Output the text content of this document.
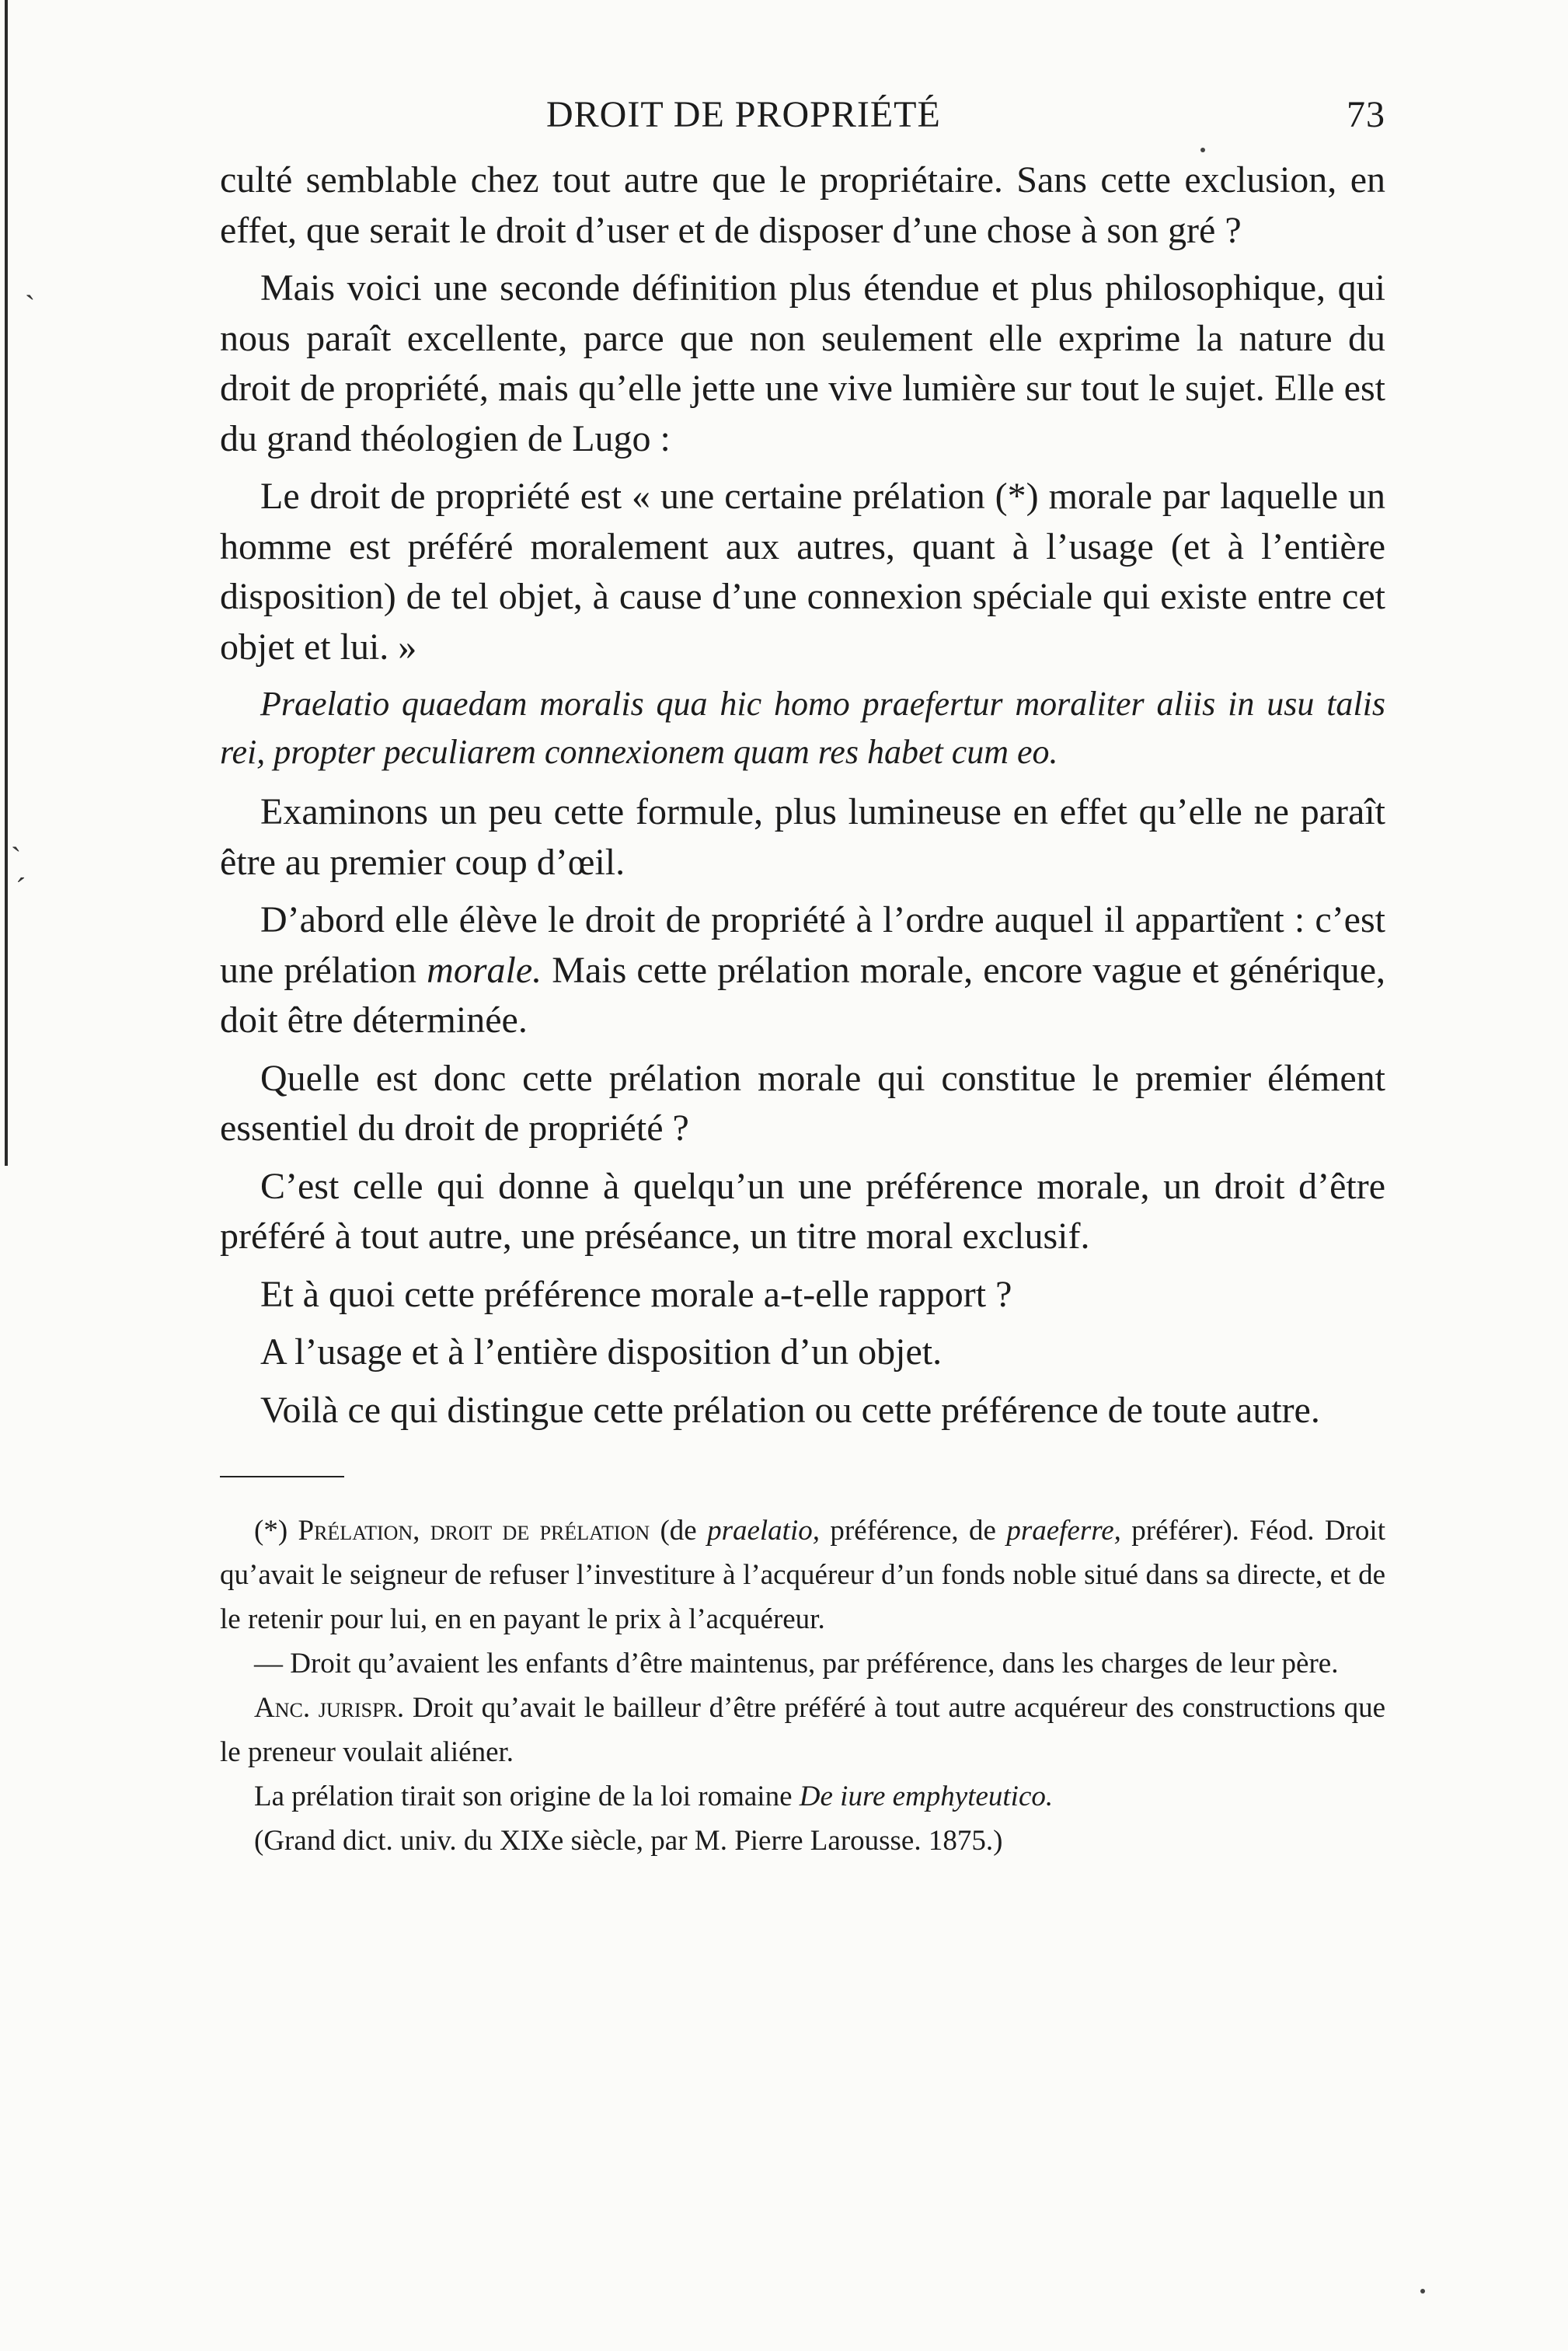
ˏ
ˎ
ˊ
DROIT DE PROPRIÉTÉ	73

culté semblable chez tout autre que le propriétaire. Sans cette exclusion, en effet, que serait le droit d’user et de disposer d’une chose à son gré ?

Mais voici une seconde définition plus étendue et plus philosophique, qui nous paraît excellente, parce que non seulement elle exprime la nature du droit de propriété, mais qu’elle jette une vive lumière sur tout le sujet. Elle est du grand théologien de Lugo :

Le droit de propriété est « une certaine prélation (*) morale par laquelle un homme est préféré moralement aux autres, quant à l’usage (et à l’entière disposition) de tel objet, à cause d’une connexion spéciale qui existe entre cet objet et lui. »

Praelatio quaedam moralis qua hic homo praefertur moraliter aliis in usu talis rei, propter peculiarem connexionem quam res habet cum eo.

Examinons un peu cette formule, plus lumineuse en effet qu’elle ne paraît être au premier coup d’œil.

D’abord elle élève le droit de propriété à l’ordre auquel il appartient : c’est une prélation morale. Mais cette prélation morale, encore vague et générique, doit être déterminée.

Quelle est donc cette prélation morale qui constitue le premier élément essentiel du droit de propriété ?

C’est celle qui donne à quelqu’un une préférence morale, un droit d’être préféré à tout autre, une préséance, un titre moral exclusif.

Et à quoi cette préférence morale a-t-elle rapport ?

A l’usage et à l’entière disposition d’un objet.

Voilà ce qui distingue cette prélation ou cette préférence de toute autre.

(*) Prélation, droit de prélation (de praelatio, préférence, de praeferre, préférer). Féod. Droit qu’avait le seigneur de refuser l’investiture à l’acquéreur d’un fonds noble situé dans sa directe, et de le retenir pour lui, en en payant le prix à l’acquéreur.

— Droit qu’avaient les enfants d’être maintenus, par préférence, dans les charges de leur père.

Anc. jurispr. Droit qu’avait le bailleur d’être préféré à tout autre acquéreur des constructions que le preneur voulait aliéner.

La prélation tirait son origine de la loi romaine De iure emphyteutico.

(Grand dict. univ. du XIXe siècle, par M. Pierre Larousse. 1875.)
